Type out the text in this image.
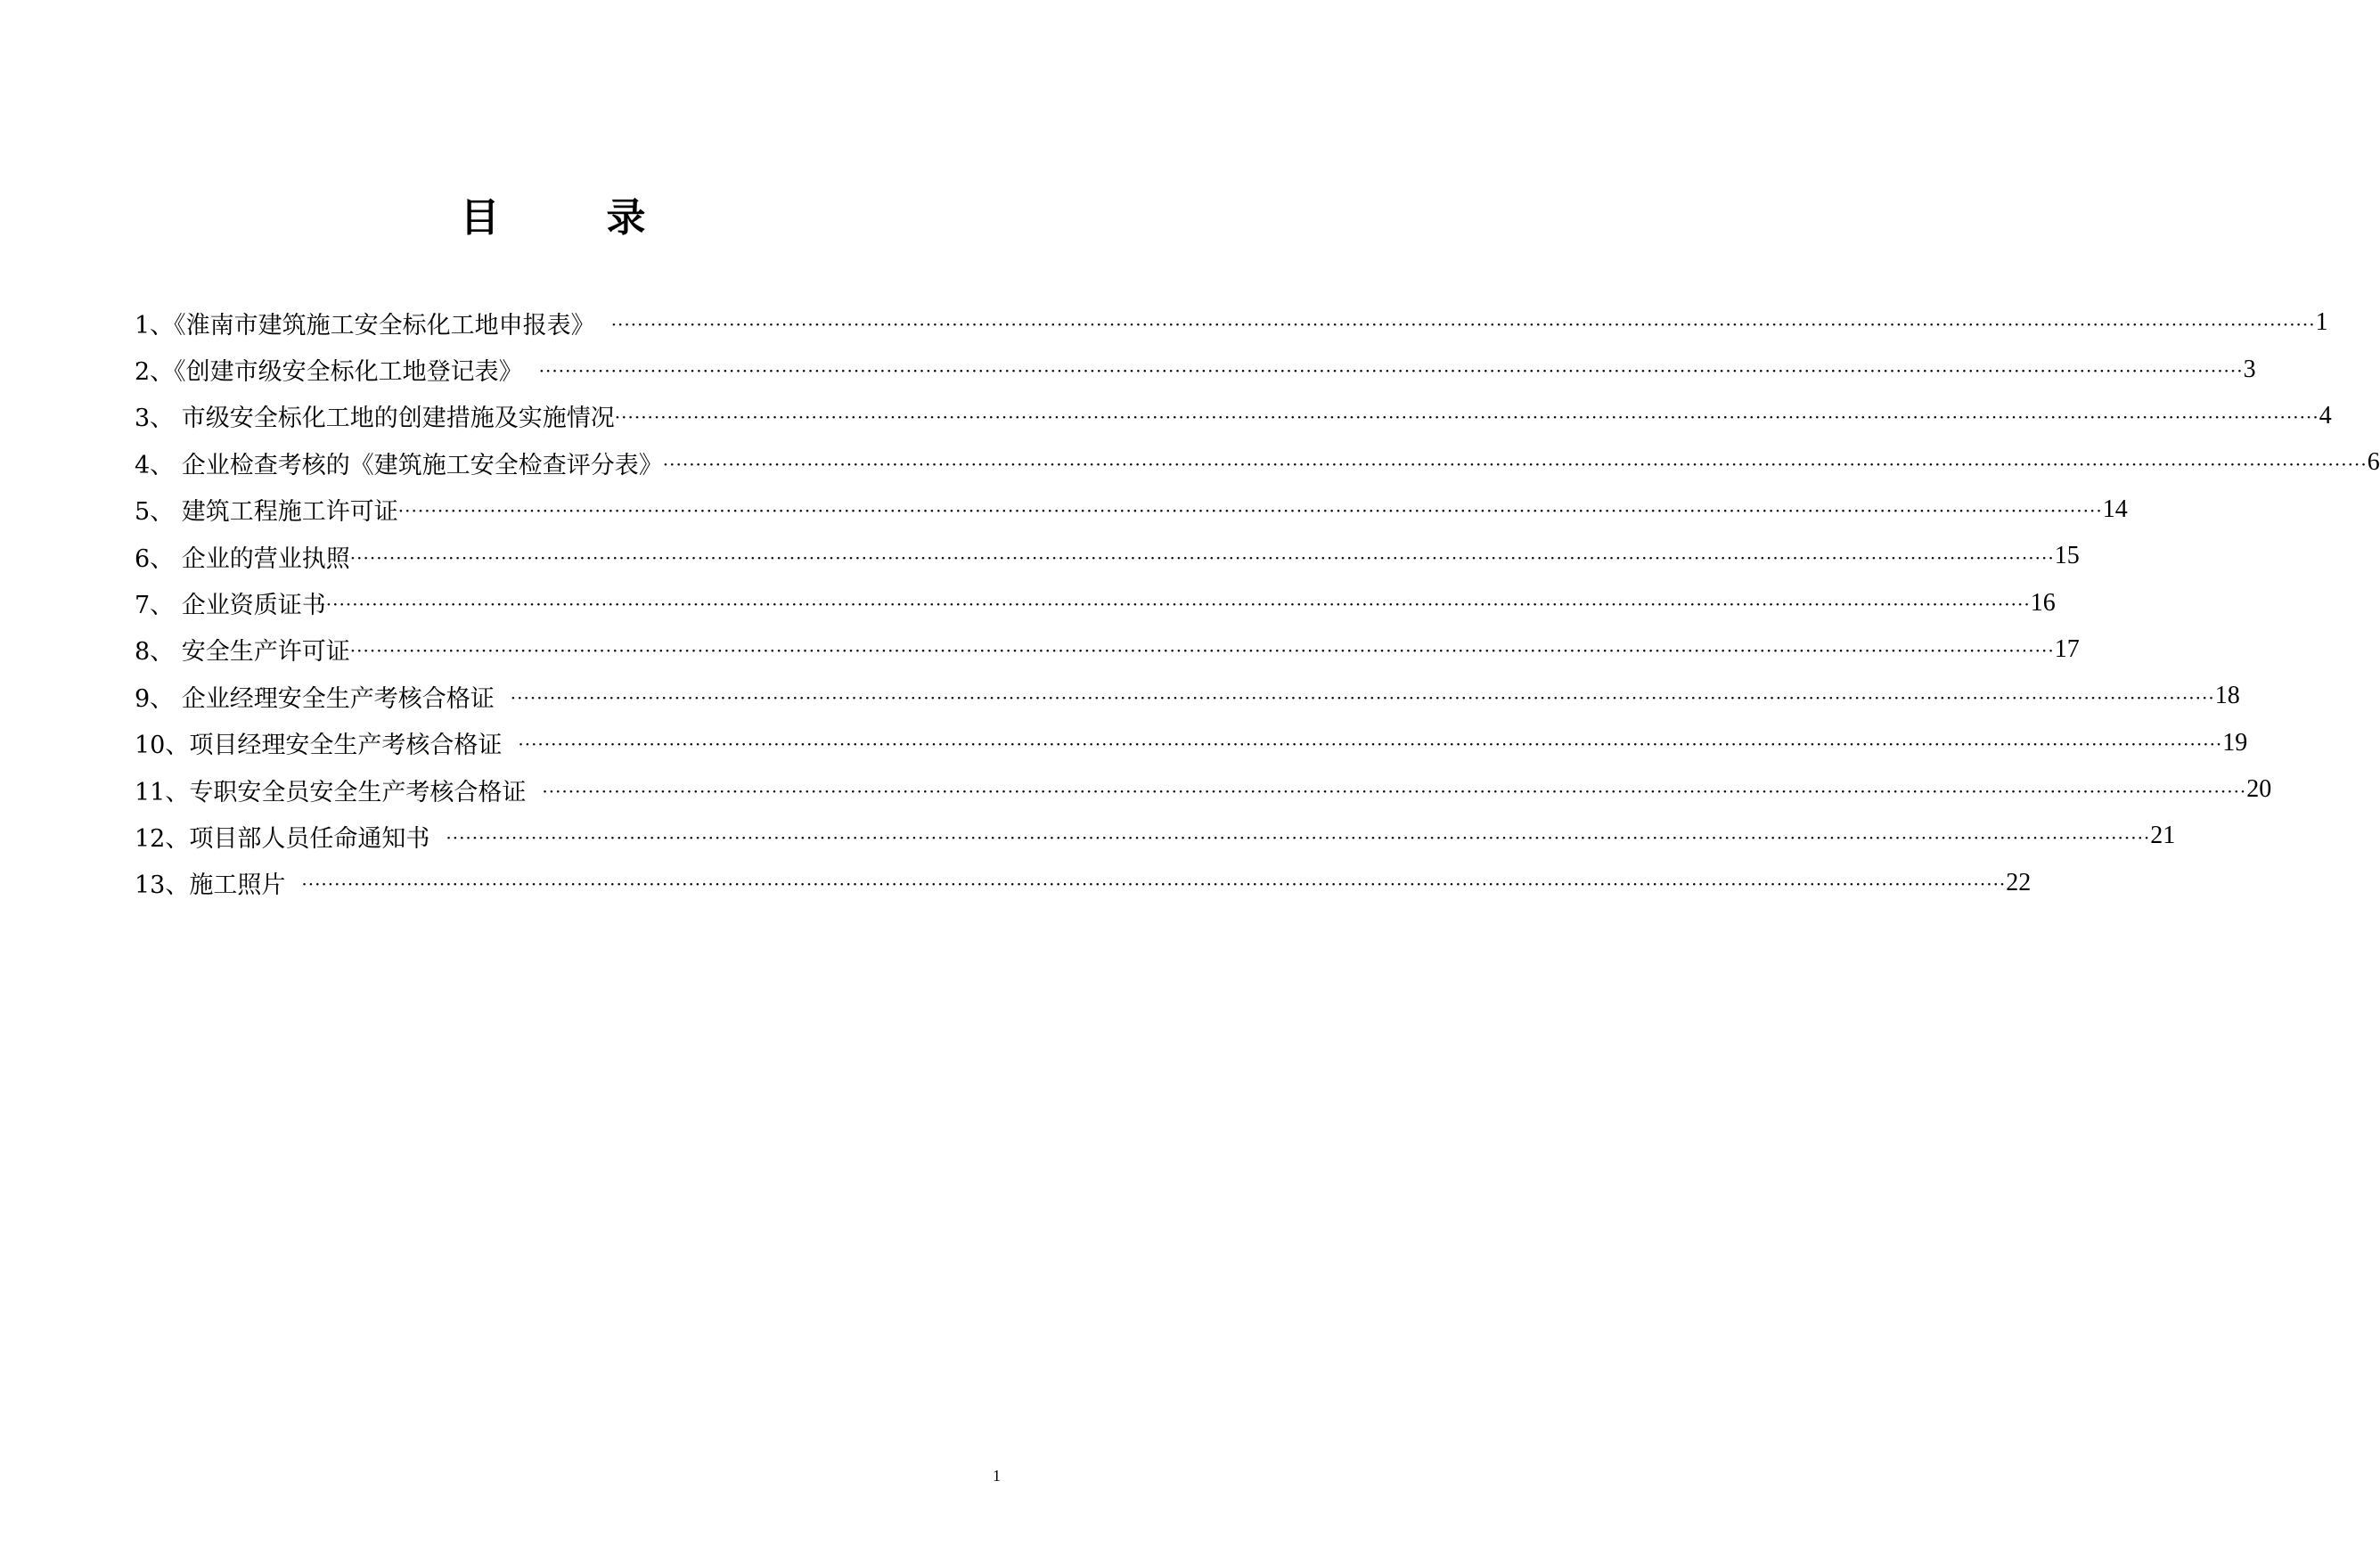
目　录
1、《淮南市建筑施工安全标化工地申报表》 ···································································································································································································································································· 1
2、《创建市级安全标化工地登记表》 ···································································································································································································································································· 3
3、 市级安全标化工地的创建措施及实施情况 ···································································································································································································································································· 4
4、 企业检查考核的《建筑施工安全检查评分表》 ···································································································································································································································································· 6
5、 建筑工程施工许可证 ···································································································································································································································································· 14
6、 企业的营业执照 ···································································································································································································································································· 15
7、 企业资质证书 ···································································································································································································································································· 16
8、 安全生产许可证 ···································································································································································································································································· 17
9、 企业经理安全生产考核合格证 ···································································································································································································································································· 18
10、项目经理安全生产考核合格证 ···································································································································································································································································· 19
11、专职安全员安全生产考核合格证 ···································································································································································································································································· 20
12、项目部人员任命通知书 ···································································································································································································································································· 21
13、施工照片 ···································································································································································································································································· 22
1
